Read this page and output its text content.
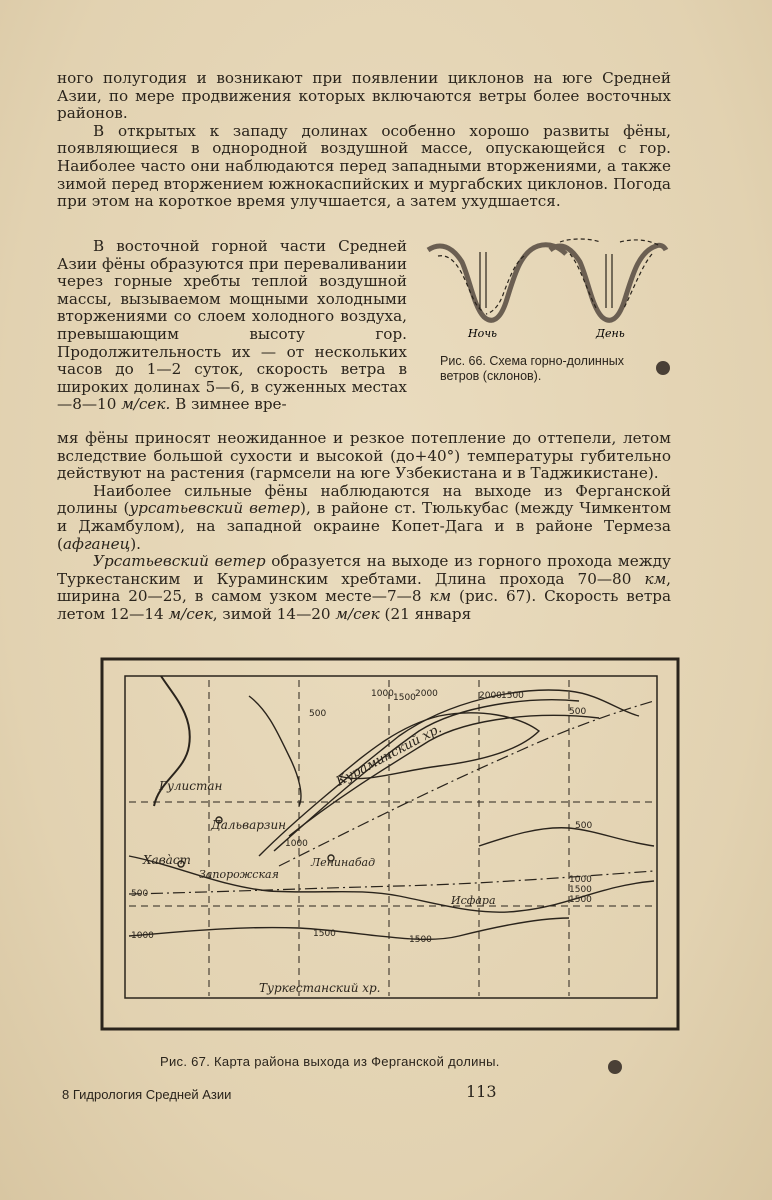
ного полугодия и возникают при появлении циклонов на юге Средней Азии, по мере продвижения которых включаются ветры более восточных районов.

В открытых к западу долинах особенно хорошо развиты фёны, появляющиеся в однородной воздушной массе, опускающейся с гор. Наиболее часто они наблюдаются перед западными вторжениями, а также зимой перед вторжением южнокаспийских и мургабских циклонов. Погода при этом на короткое время улучшается, а затем ухудшается.

В восточной горной части Средней Азии фёны образуются при переваливании через горные хребты теплой воздушной массы, вызываемом мощными холодными вторжениями со слоем холодного воздуха, превышающим высоту гор. Продолжительность их — от нескольких часов до 1—2 суток, скорость ветра в широких долинах 5—6, в суженных местах—8—10 м/сек. В зимнее вре-

мя фёны приносят неожиданное и резкое потепление до оттепели, летом вследствие большой сухости и высокой (до+40°) температуры губительно действуют на растения (гармсели на юге Узбекистана и в Таджикистане).

Наиболее сильные фёны наблюдаются на выходе из Ферганской долины (урсатьевский ветер), в районе ст. Тюлькубас (между Чимкентом и Джамбулом), на западной окраине Копет-Дага и в районе Термеза (афганец).

Урсатьевский ветер образуется на выходе из горного прохода между Туркестанским и Кураминским хребтами. Длина прохода 70—80 км, ширина 20—25, в самом узком месте—7—8 км (рис. 67). Скорость ветра летом 12—14 м/сек, зимой 14—20 м/сек (21 января

Ночь	День
Рис. 66. Схема горно-долинных ветров (склонов).
Гулистан
Дальварзин
Хавàст
Запорожская
Ленинабад
Исфара
Кураминский хр.
Туркестанский хр.
500
1000 1500 2000	2000 1500
500
500
1000
500
1000	1500
1500
1500
1000
1500
Рис. 67. Карта района выхода из Ферганской долины.
8 Гидрология Средней Азии	113
